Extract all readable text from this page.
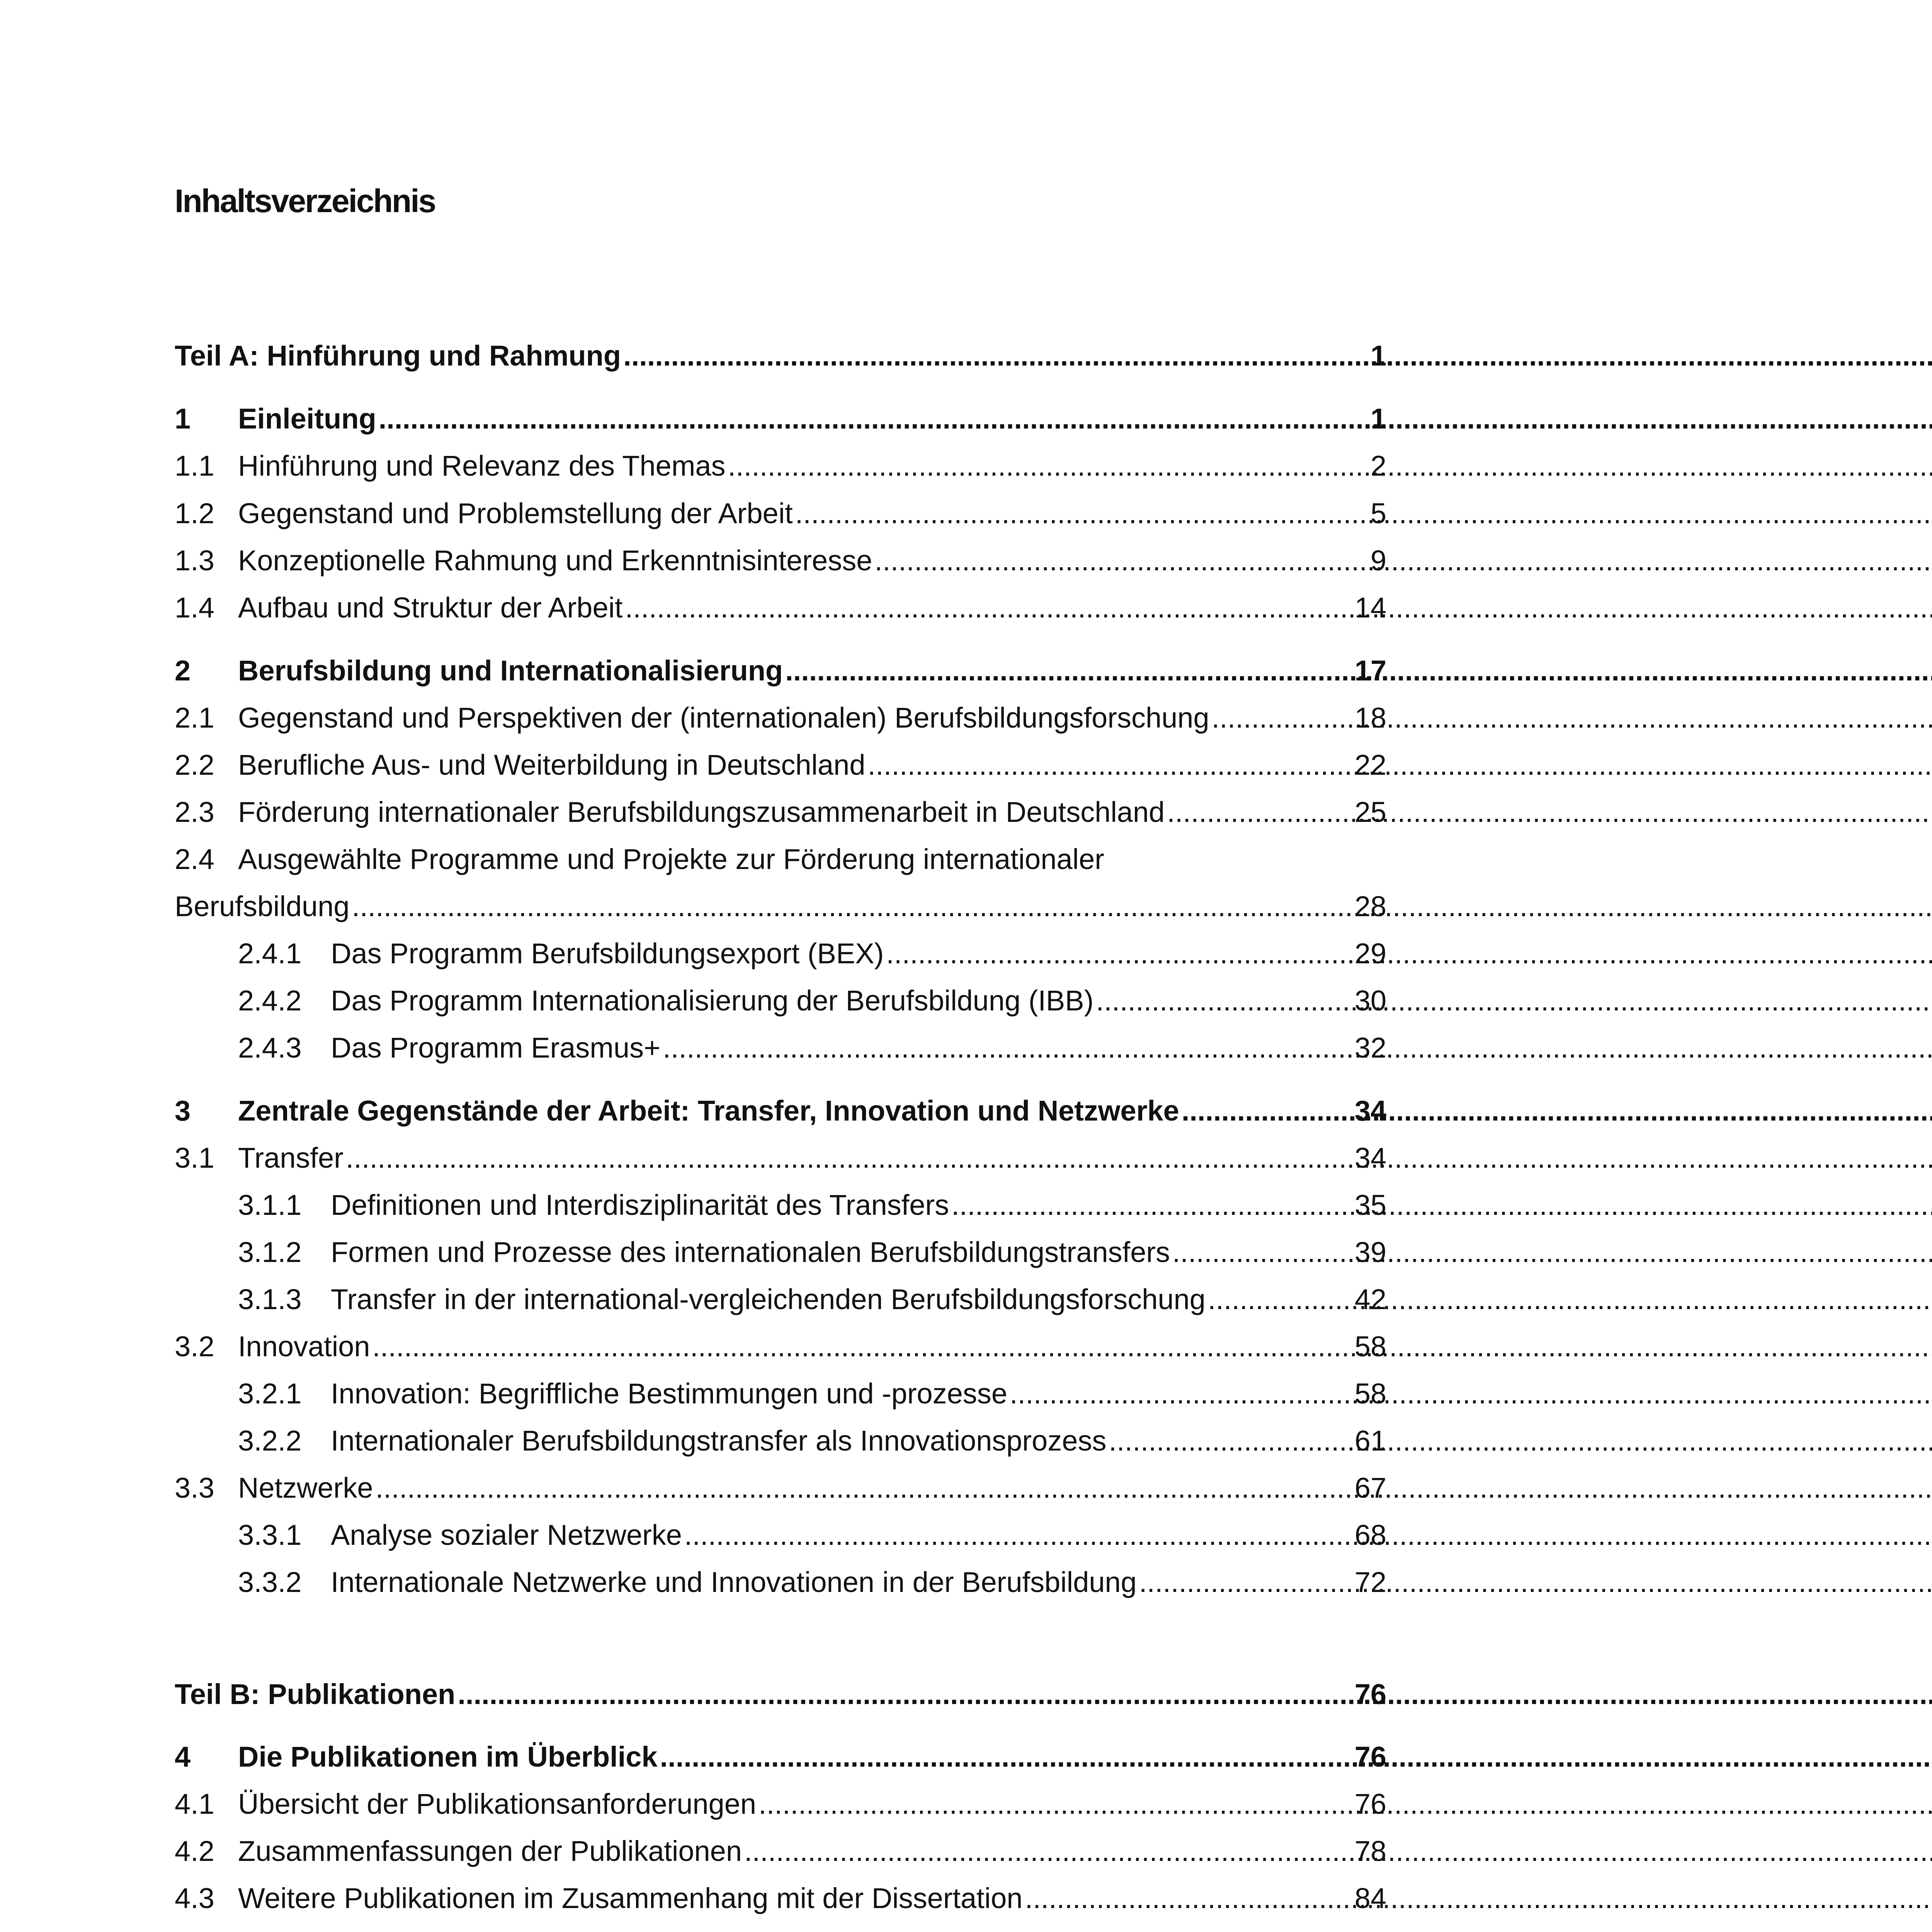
Inhaltsverzeichnis
Teil A: Hinführung und Rahmung .....	1
1	Einleitung .....	1
1.1 Hinführung und Relevanz des Themas .....	2
1.2 Gegenstand und Problemstellung der Arbeit .....	5
1.3 Konzeptionelle Rahmung und Erkenntnisinteresse .....	9
1.4 Aufbau und Struktur der Arbeit .....	14
2	Berufsbildung und Internationalisierung .....	17
2.1 Gegenstand und Perspektiven der (internationalen) Berufsbildungsforschung .....	18
2.2 Berufliche Aus- und Weiterbildung in Deutschland .....	22
2.3 Förderung internationaler Berufsbildungszusammenarbeit in Deutschland .....	25
2.4 Ausgewählte Programme und Projekte zur Förderung internationaler
Berufsbildung .....	28
2.4.1	Das Programm Berufsbildungsexport (BEX) .....	29
2.4.2	Das Programm Internationalisierung der Berufsbildung (IBB) .....	30
2.4.3	Das Programm Erasmus+ .....	32
3	Zentrale Gegenstände der Arbeit: Transfer, Innovation und Netzwerke .....	34
3.1 Transfer .....	34
3.1.1	Definitionen und Interdisziplinarität des Transfers .....	35
3.1.2	Formen und Prozesse des internationalen Berufsbildungstransfers .....	39
3.1.3	Transfer in der international-vergleichenden Berufsbildungsforschung .....	42
3.2 Innovation .....	58
3.2.1	Innovation: Begriffliche Bestimmungen und -prozesse .....	58
3.2.2	Internationaler Berufsbildungstransfer als Innovationsprozess .....	61
3.3 Netzwerke .....	67
3.3.1	Analyse sozialer Netzwerke .....	68
3.3.2	Internationale Netzwerke und Innovationen in der Berufsbildung .....	72
Teil B: Publikationen .....	76
4	Die Publikationen im Überblick .....	76
4.1 Übersicht der Publikationsanforderungen .....	76
4.2 Zusammenfassungen der Publikationen .....	78
4.3 Weitere Publikationen im Zusammenhang mit der Dissertation .....	84
